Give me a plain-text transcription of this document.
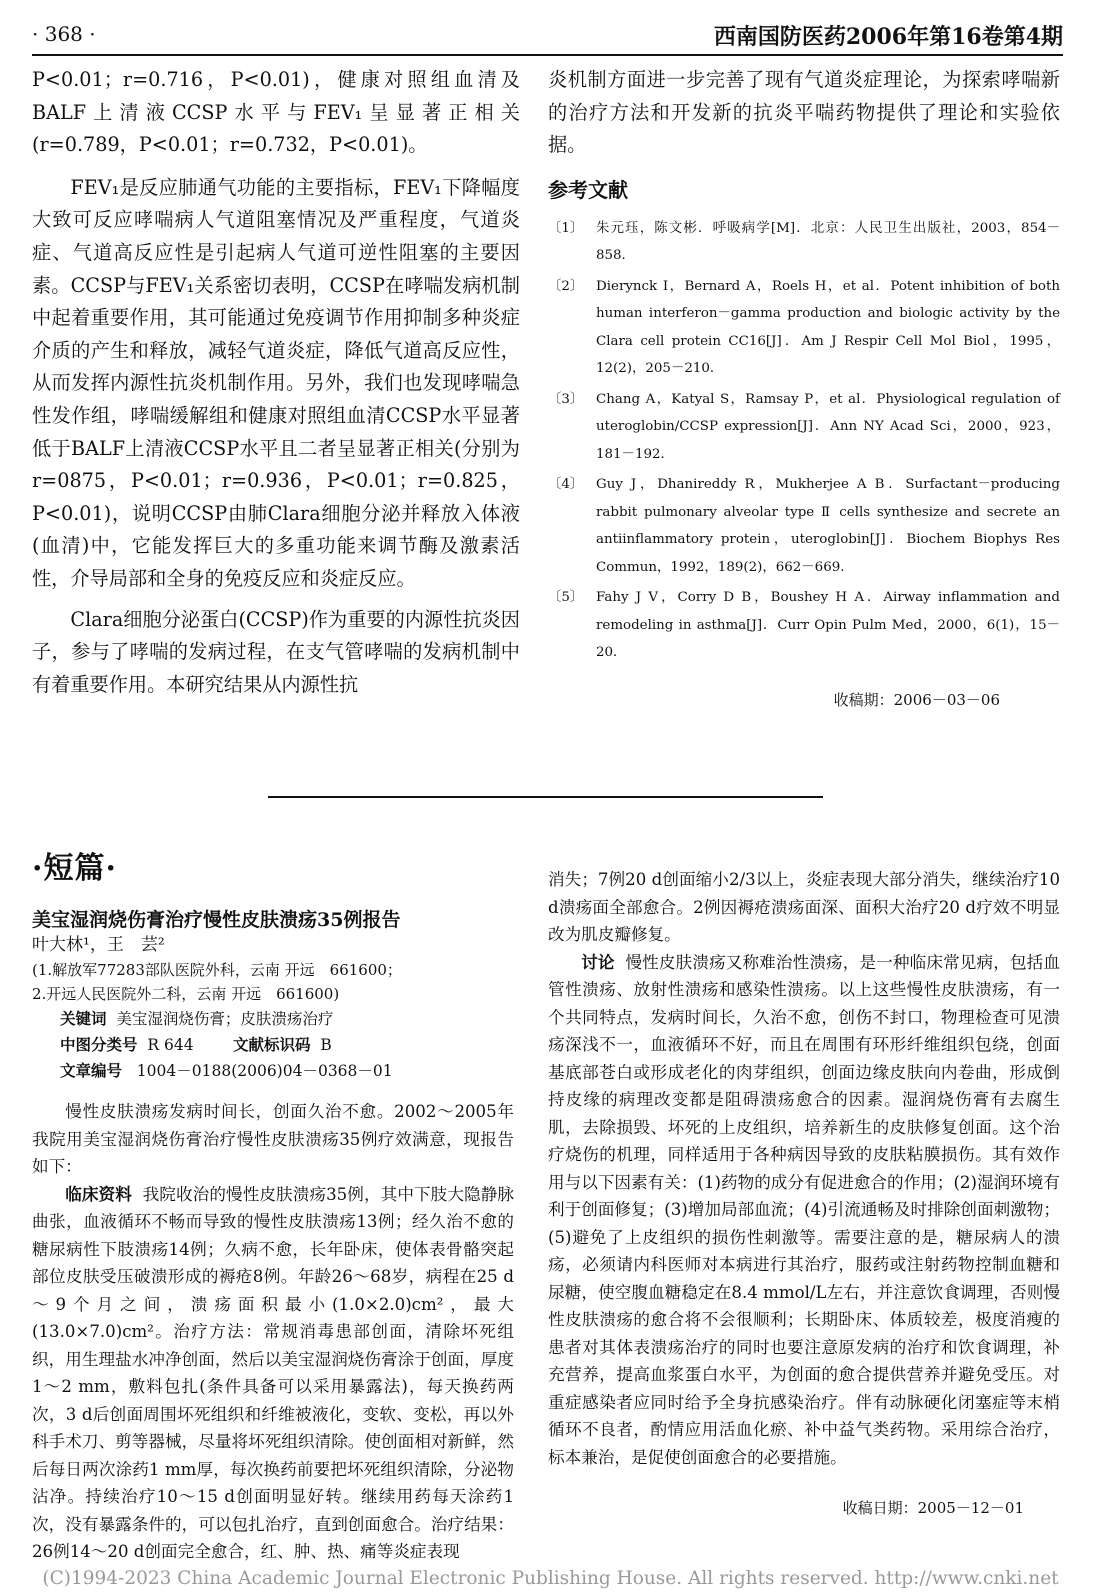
· 368 ·	西南国防医药2006年第16卷第4期

P<0.01；r=0.716，P<0.01)，健康对照组血清及BALF上清液CCSP水平与FEV₁呈显著正相关(r=0.789，P<0.01；r=0.732，P<0.01)。

FEV₁是反应肺通气功能的主要指标，FEV₁下降幅度大致可反应哮喘病人气道阻塞情况及严重程度，气道炎症、气道高反应性是引起病人气道可逆性阻塞的主要因素。CCSP与FEV₁关系密切表明，CCSP在哮喘发病机制中起着重要作用，其可能通过免疫调节作用抑制多种炎症介质的产生和释放，减轻气道炎症，降低气道高反应性，从而发挥内源性抗炎机制作用。另外，我们也发现哮喘急性发作组，哮喘缓解组和健康对照组血清CCSP水平显著低于BALF上清液CCSP水平且二者呈显著正相关(分别为r=0875，P<0.01；r=0.936，P<0.01；r=0.825，P<0.01)，说明CCSP由肺Clara细胞分泌并释放入体液(血清)中，它能发挥巨大的多重功能来调节酶及激素活性，介导局部和全身的免疫反应和炎症反应。

Clara细胞分泌蛋白(CCSP)作为重要的内源性抗炎因子，参与了哮喘的发病过程，在支气管哮喘的发病机制中有着重要作用。本研究结果从内源性抗

炎机制方面进一步完善了现有气道炎症理论，为探索哮喘新的治疗方法和开发新的抗炎平喘药物提供了理论和实验依据。

参考文献
〔1〕 朱元珏，陈文彬．呼吸病学[M]．北京：人民卫生出版社，2003，854－858．
〔2〕 Dierynck I，Bernard A，Roels H，et al．Potent inhibition of both human interferon－gamma production and biologic activity by the Clara cell protein CC16[J]．Am J Respir Cell Mol Biol，1995，12(2)，205－210．
〔3〕 Chang A，Katyal S，Ramsay P，et al．Physiological regulation of uteroglobin/CCSP expression[J]．Ann NY Acad Sci，2000，923，181－192．
〔4〕 Guy J，Dhanireddy R，Mukherjee A B．Surfactant－producing rabbit pulmonary alveolar type Ⅱ cells synthesize and secrete an antiinflammatory protein，uteroglobin[J]．Biochem Biophys Res Commun，1992，189(2)，662－669．
〔5〕 Fahy J V，Corry D B，Boushey H A．Airway inflammation and remodeling in asthma[J]．Curr Opin Pulm Med，2000，6(1)，15－20．
收稿期：2006－03－06
·短篇·
美宝湿润烧伤膏治疗慢性皮肤溃疡35例报告
叶大林¹，王　芸²
(1.解放军77283部队医院外科，云南 开远　661600；
2.开远人民医院外二科，云南 开远　661600)
关键词 美宝湿润烧伤膏；皮肤溃疡治疗
中图分类号 R 644	文献标识码 B
文章编号 1004－0188(2006)04－0368－01

慢性皮肤溃疡发病时间长，创面久治不愈。2002～2005年我院用美宝湿润烧伤膏治疗慢性皮肤溃疡35例疗效满意，现报告如下：

临床资料 我院收治的慢性皮肤溃疡35例，其中下肢大隐静脉曲张，血液循环不畅而导致的慢性皮肤溃疡13例；经久治不愈的糖尿病性下肢溃疡14例；久病不愈，长年卧床，使体表骨骼突起部位皮肤受压破溃形成的褥疮8例。年龄26～68岁，病程在25 d～9个月之间，溃疡面积最小(1.0×2.0)cm²，最大(13.0×7.0)cm²。治疗方法：常规消毒患部创面，清除坏死组织，用生理盐水冲净创面，然后以美宝湿润烧伤膏涂于创面，厚度1～2 mm，敷料包扎(条件具备可以采用暴露法)，每天换药两次，3 d后创面周围坏死组织和纤维被液化，变软、变松，再以外科手术刀、剪等器械，尽量将坏死组织清除。使创面相对新鲜，然后每日两次涂药1 mm厚，每次换药前要把坏死组织清除，分泌物沾净。持续治疗10～15 d创面明显好转。继续用药每天涂药1次，没有暴露条件的，可以包扎治疗，直到创面愈合。治疗结果：26例14～20 d创面完全愈合，红、肿、热、痛等炎症表现

消失；7例20 d创面缩小2/3以上，炎症表现大部分消失，继续治疗10 d溃疡面全部愈合。2例因褥疮溃疡面深、面积大治疗20 d疗效不明显改为肌皮瓣修复。

讨论 慢性皮肤溃疡又称难治性溃疡，是一种临床常见病，包括血管性溃疡、放射性溃疡和感染性溃疡。以上这些慢性皮肤溃疡，有一个共同特点，发病时间长，久治不愈，创伤不封口，物理检查可见溃疡深浅不一，血液循环不好，而且在周围有环形纤维组织包绕，创面基底部苍白或形成老化的肉芽组织，创面边缘皮肤向内卷曲，形成倒持皮缘的病理改变都是阻碍溃疡愈合的因素。湿润烧伤膏有去腐生肌，去除损毁、坏死的上皮组织，培养新生的皮肤修复创面。这个治疗烧伤的机理，同样适用于各种病因导致的皮肤粘膜损伤。其有效作用与以下因素有关：(1)药物的成分有促进愈合的作用；(2)湿润环境有利于创面修复；(3)增加局部血流；(4)引流通畅及时排除创面刺激物；(5)避免了上皮组织的损伤性刺激等。需要注意的是，糖尿病人的溃疡，必须请内科医师对本病进行其治疗，服药或注射药物控制血糖和尿糖，使空腹血糖稳定在8.4 mmol/L左右，并注意饮食调理，否则慢性皮肤溃疡的愈合将不会很顺利；长期卧床、体质较差，极度消瘦的患者对其体表溃疡治疗的同时也要注意原发病的治疗和饮食调理，补充营养，提高血浆蛋白水平，为创面的愈合提供营养并避免受压。对重症感染者应同时给予全身抗感染治疗。伴有动脉硬化闭塞症等末梢循环不良者，酌情应用活血化瘀、补中益气类药物。采用综合治疗，标本兼治，是促使创面愈合的必要措施。

收稿日期：2005－12－01
(C)1994-2023 China Academic Journal Electronic Publishing House. All rights reserved. http://www.cnki.net
